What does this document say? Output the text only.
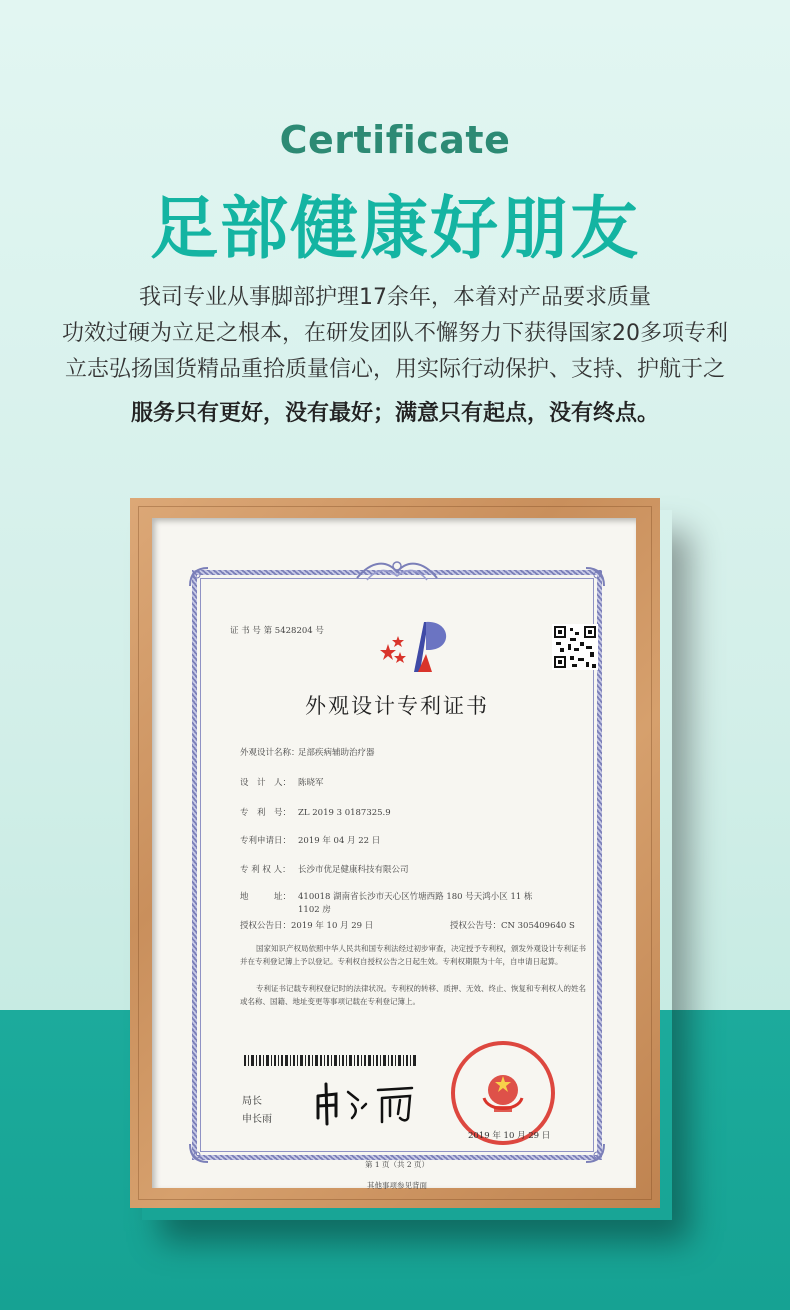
Certificate
足部健康好朋友
我司专业从事脚部护理17余年，本着对产品要求质量
功效过硬为立足之根本，在研发团队不懈努力下获得国家20多项专利
立志弘扬国货精品重拾质量信心，用实际行动保护、支持、护航于之
服务只有更好，没有最好；满意只有起点，没有终点。
证 书 号 第 5428204 号
外观设计专利证书
外观设计名称：足部疾病辅助治疗器
设　计　人： 陈晓军
专　利　号： ZL 2019 3 0187325.9
专利申请日： 2019 年 04 月 22 日
专 利 权 人： 长沙市优足健康科技有限公司
地　　　址： 410018 湖南省长沙市天心区竹塘西路 180 号天鸿小区 11 栋
1102 房
授权公告日：2019 年 10 月 29 日	授权公告号：CN 305409640 S
国家知识产权局依照中华人民共和国专利法经过初步审查，决定授予专利权，颁发外观设计专利证书并在专利登记簿上予以登记。专利权自授权公告之日起生效。专利权期限为十年，自申请日起算。
专利证书记载专利权登记时的法律状况。专利权的转移、质押、无效、终止、恢复和专利权人的姓名或名称、国籍、地址变更等事项记载在专利登记簿上。
局长
申长雨
2019 年 10 月 29 日
第 1 页（共 2 页）
其他事项参见背面
